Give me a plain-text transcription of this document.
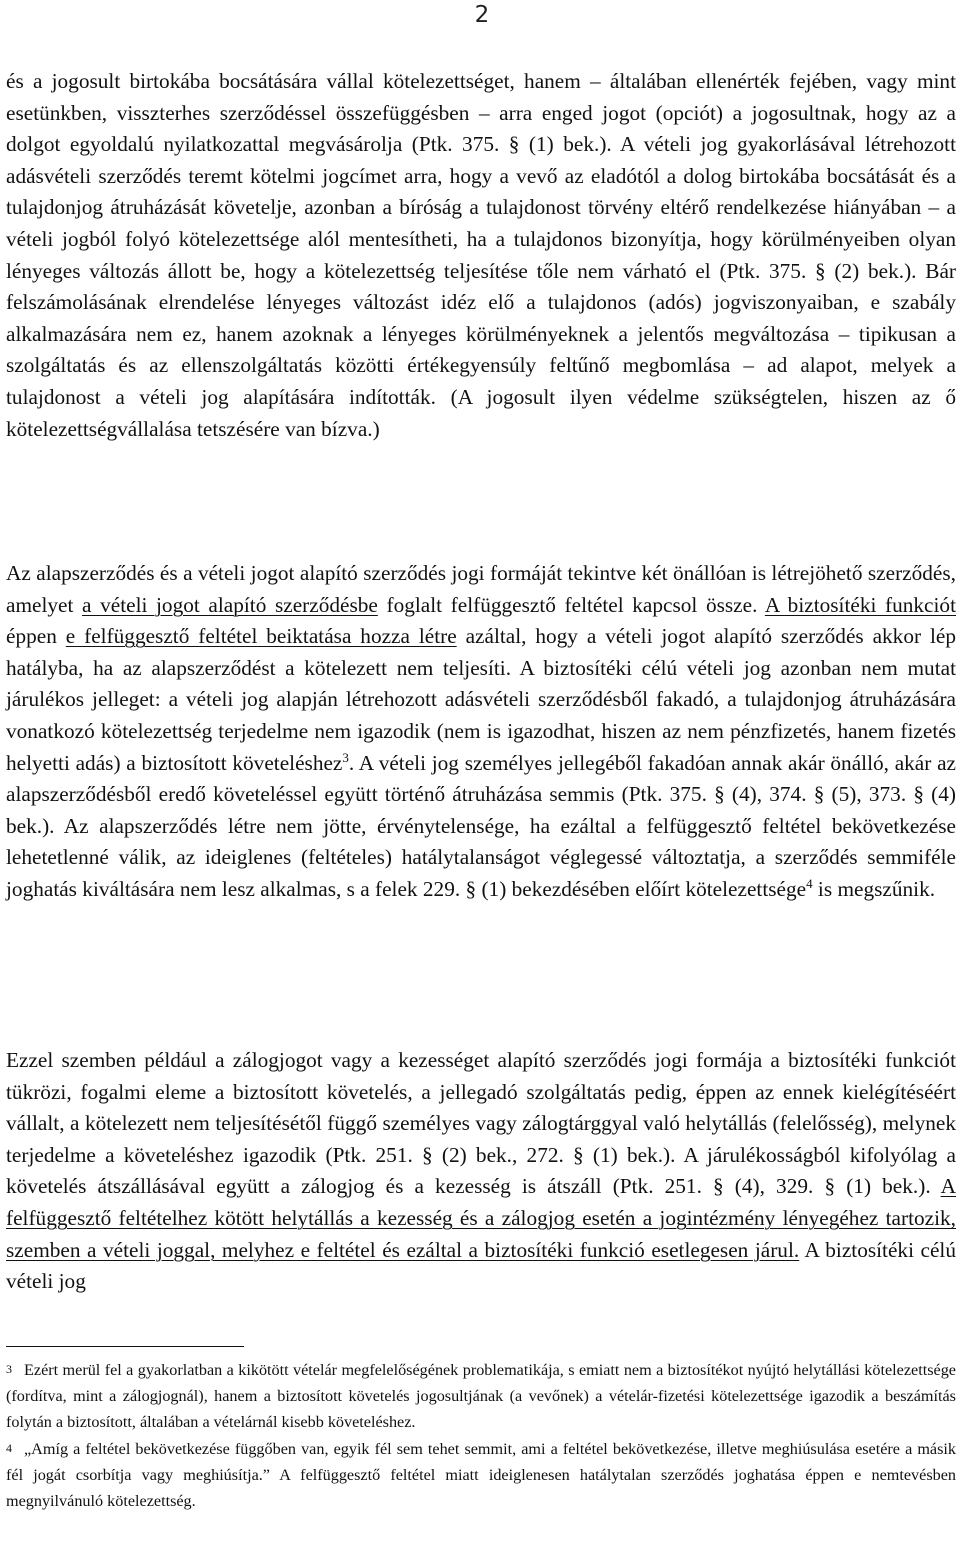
2

és a jogosult birtokába bocsátására vállal kötelezettséget, hanem – általában ellenérték fejében, vagy mint esetünkben, visszterhes szerződéssel összefüggésben – arra enged jogot (opciót) a jogosultnak, hogy az a dolgot egyoldalú nyilatkozattal megvásárolja (Ptk. 375. § (1) bek.). A vételi jog gyakorlásával létrehozott adásvételi szerződés teremt kötelmi jogcímet arra, hogy a vevő az eladótól a dolog birtokába bocsátását és a tulajdonjog átruházását követelje, azonban a bíróság a tulajdonost törvény eltérő rendelkezése hiányában – a vételi jogból folyó kötelezettsége alól mentesítheti, ha a tulajdonos bizonyítja, hogy körülményeiben olyan lényeges változás állott be, hogy a kötelezettség teljesítése tőle nem várható el (Ptk. 375. § (2) bek.). Bár felszámolásának elrendelése lényeges változást idéz elő a tulajdonos (adós) jogviszonyaiban, e szabály alkalmazására nem ez, hanem azoknak a lényeges körülményeknek a jelentős megváltozása – tipikusan a szolgáltatás és az ellenszolgáltatás közötti értékegyensúly feltűnő megbomlása – ad alapot, melyek a tulajdonost a vételi jog alapítására indították. (A jogosult ilyen védelme szükségtelen, hiszen az ő kötelezettségvállalása tetszésére van bízva.)

Az alapszerződés és a vételi jogot alapító szerződés jogi formáját tekintve két önállóan is létrejöhető szerződés, amelyet a vételi jogot alapító szerződésbe foglalt felfüggesztő feltétel kapcsol össze. A biztosítéki funkciót éppen e felfüggesztő feltétel beiktatása hozza létre azáltal, hogy a vételi jogot alapító szerződés akkor lép hatályba, ha az alapszerződést a kötelezett nem teljesíti. A biztosítéki célú vételi jog azonban nem mutat járulékos jelleget: a vételi jog alapján létrehozott adásvételi szerződésből fakadó, a tulajdonjog átruházására vonatkozó kötelezettség terjedelme nem igazodik (nem is igazodhat, hiszen az nem pénzfizetés, hanem fizetés helyetti adás) a biztosított követeléshez$^3$. A vételi jog személyes jellegéből fakadóan annak akár önálló, akár az alapszerződésből eredő követeléssel együtt történő átruházása semmis (Ptk. 375. § (4), 374. § (5), 373. § (4) bek.). Az alapszerződés létre nem jötte, érvénytelensége, ha ezáltal a felfüggesztő feltétel bekövetkezése lehetetlenné válik, az ideiglenes (feltételes) hatálytalanságot véglegessé változtatja, a szerződés semmiféle joghatás kiváltására nem lesz alkalmas, s a felek 229. § (1) bekezdésében előírt kötelezettsége$^4$ is megszűnik.

Ezzel szemben például a zálogjogot vagy a kezességet alapító szerződés jogi formája a biztosítéki funkciót tükrözi, fogalmi eleme a biztosított követelés, a jellegadó szolgáltatás pedig, éppen az ennek kielégítéséért vállalt, a kötelezett nem teljesítésétől függő személyes vagy zálogtárggyal való helytállás (felelősség), melynek terjedelme a követeléshez igazodik (Ptk. 251. § (2) bek., 272. § (1) bek.). A járulékosságból kifolyólag a követelés átszállásával együtt a zálogjog és a kezesség is átszáll (Ptk. 251. § (4), 329. § (1) bek.). A felfüggesztő feltételhez kötött helytállás a kezesség és a zálogjog esetén a jogintézmény lényegéhez tartozik, szemben a vételi joggal, melyhez e feltétel és ezáltal a biztosítéki funkció esetlegesen járul. A biztosítéki célú vételi jog

3 Ezért merül fel a gyakorlatban a kikötött vételár megfelelőségének problematikája, s emiatt nem a biztosítékot nyújtó helytállási kötelezettsége (fordítva, mint a zálogjognál), hanem a biztosított követelés jogosultjának (a vevőnek) a vételár-fizetési kötelezettsége igazodik a beszámítás folytán a biztosított, általában a vételárnál kisebb követeléshez.

4 „Amíg a feltétel bekövetkezése függőben van, egyik fél sem tehet semmit, ami a feltétel bekövetkezése, illetve meghiúsulása esetére a másik fél jogát csorbítja vagy meghiúsítja.” A felfüggesztő feltétel miatt ideiglenesen hatálytalan szerződés joghatása éppen e nemtevésben megnyilvánuló kötelezettség.
